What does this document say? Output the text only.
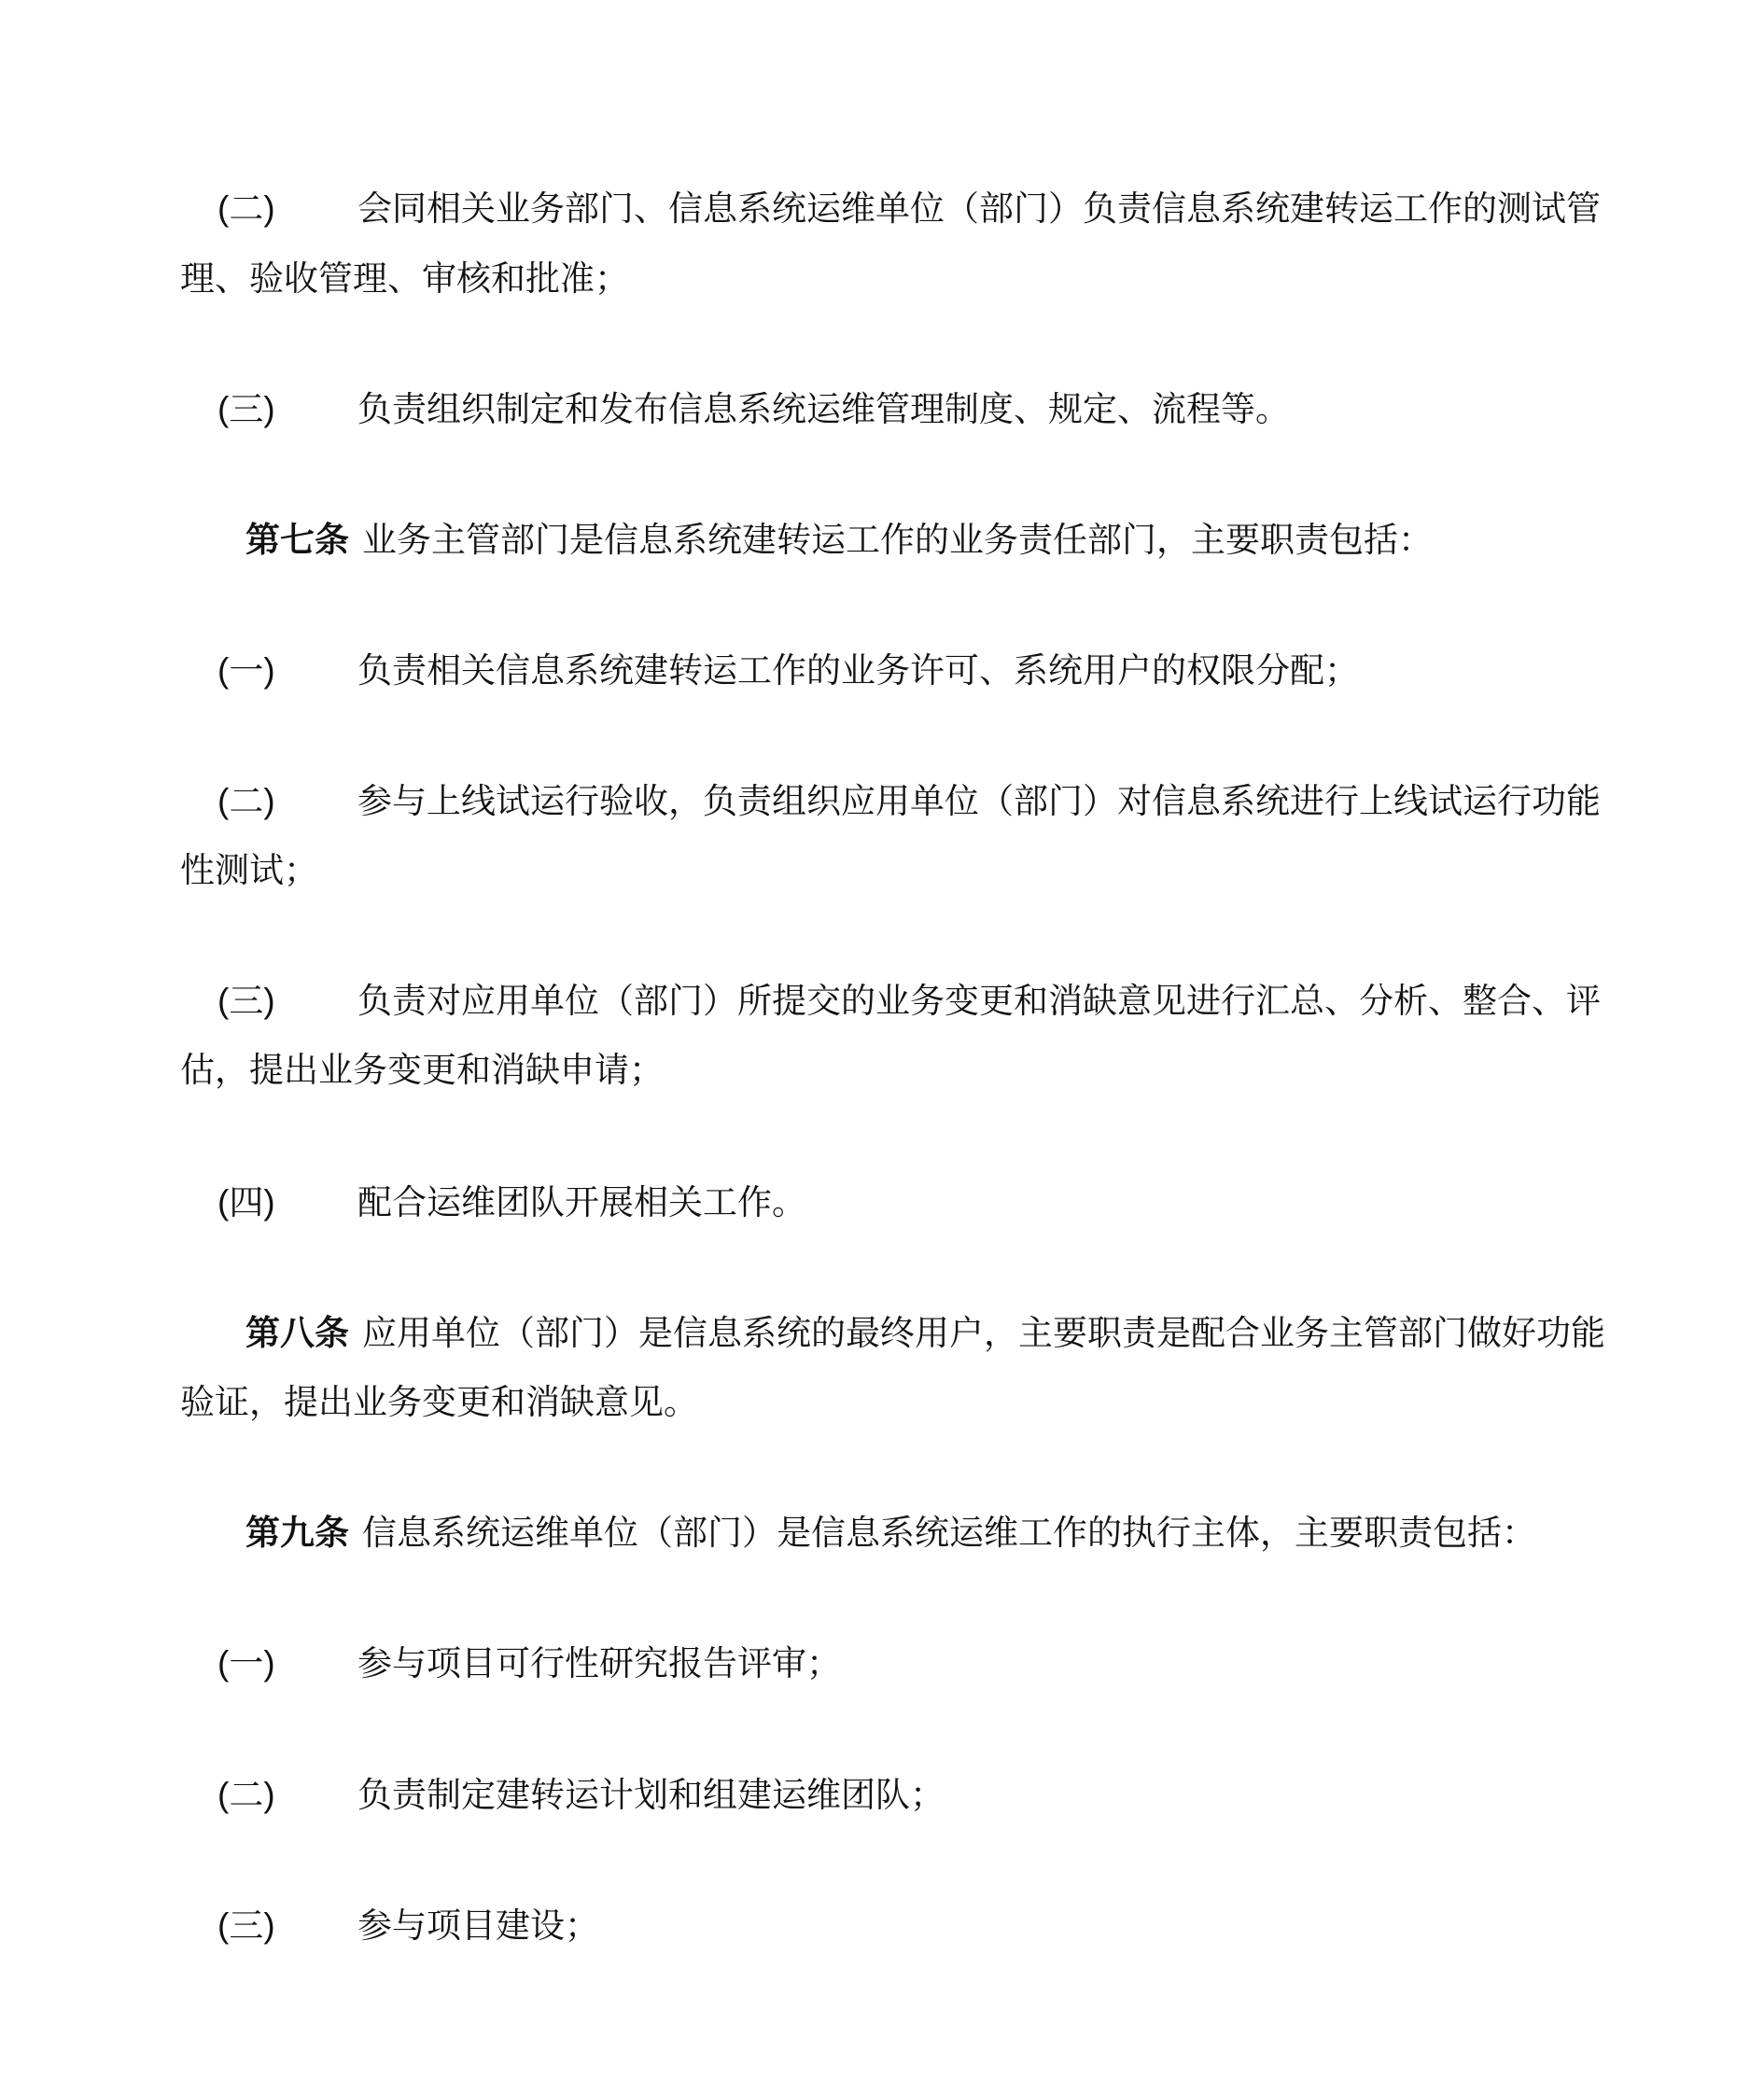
(二) 会同相关业务部门、信息系统运维单位（部门）负责信息系统建转运工作的测试管
理、验收管理、审核和批准；
(三) 负责组织制定和发布信息系统运维管理制度、规定、流程等。
第七条 业务主管部门是信息系统建转运工作的业务责任部门，主要职责包括：
(一) 负责相关信息系统建转运工作的业务许可、系统用户的权限分配；
(二) 参与上线试运行验收，负责组织应用单位（部门）对信息系统进行上线试运行功能
性测试；
(三) 负责对应用单位（部门）所提交的业务变更和消缺意见进行汇总、分析、整合、评
估，提出业务变更和消缺申请；
(四) 配合运维团队开展相关工作。
第八条 应用单位（部门）是信息系统的最终用户，主要职责是配合业务主管部门做好功能
验证，提出业务变更和消缺意见。
第九条 信息系统运维单位（部门）是信息系统运维工作的执行主体，主要职责包括：
(一) 参与项目可行性研究报告评审；
(二) 负责制定建转运计划和组建运维团队；
(三) 参与项目建设；
